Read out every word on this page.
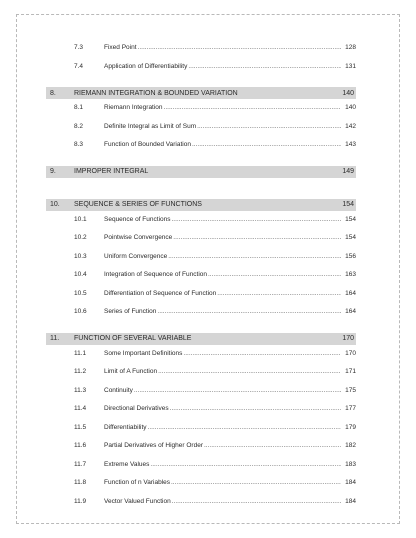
7.3	Fixed Point .....	128
7.4	Application of Differentiability .....	131
8.	RIEMANN INTEGRATION & BOUNDED VARIATION	140
8.1	Riemann Integration .....	140
8.2	Definite Integral as Limit of Sum .....	142
8.3	Function of Bounded Variation .....	143
9.	IMPROPER INTEGRAL	149
10.	SEQUENCE & SERIES OF FUNCTIONS	154
10.1	Sequence of Functions .....	154
10.2	Pointwise Convergence .....	154
10.3	Uniform Convergence .....	156
10.4	Integration of Sequence of Function .....	163
10.5	Differentiation of Sequence of Function .....	164
10.6	Series of Function .....	164
11.	FUNCTION OF SEVERAL VARIABLE	170
11.1	Some Important Definitions .....	170
11.2	Limit of A Function .....	171
11.3	Continuity .....	175
11.4	Directional Derivatives .....	177
11.5	Differentiability .....	179
11.6	Partial Derivatives of Higher Order .....	182
11.7	Extreme Values .....	183
11.8	Function of n Variables .....	184
11.9	Vector Valued Function .....	184
